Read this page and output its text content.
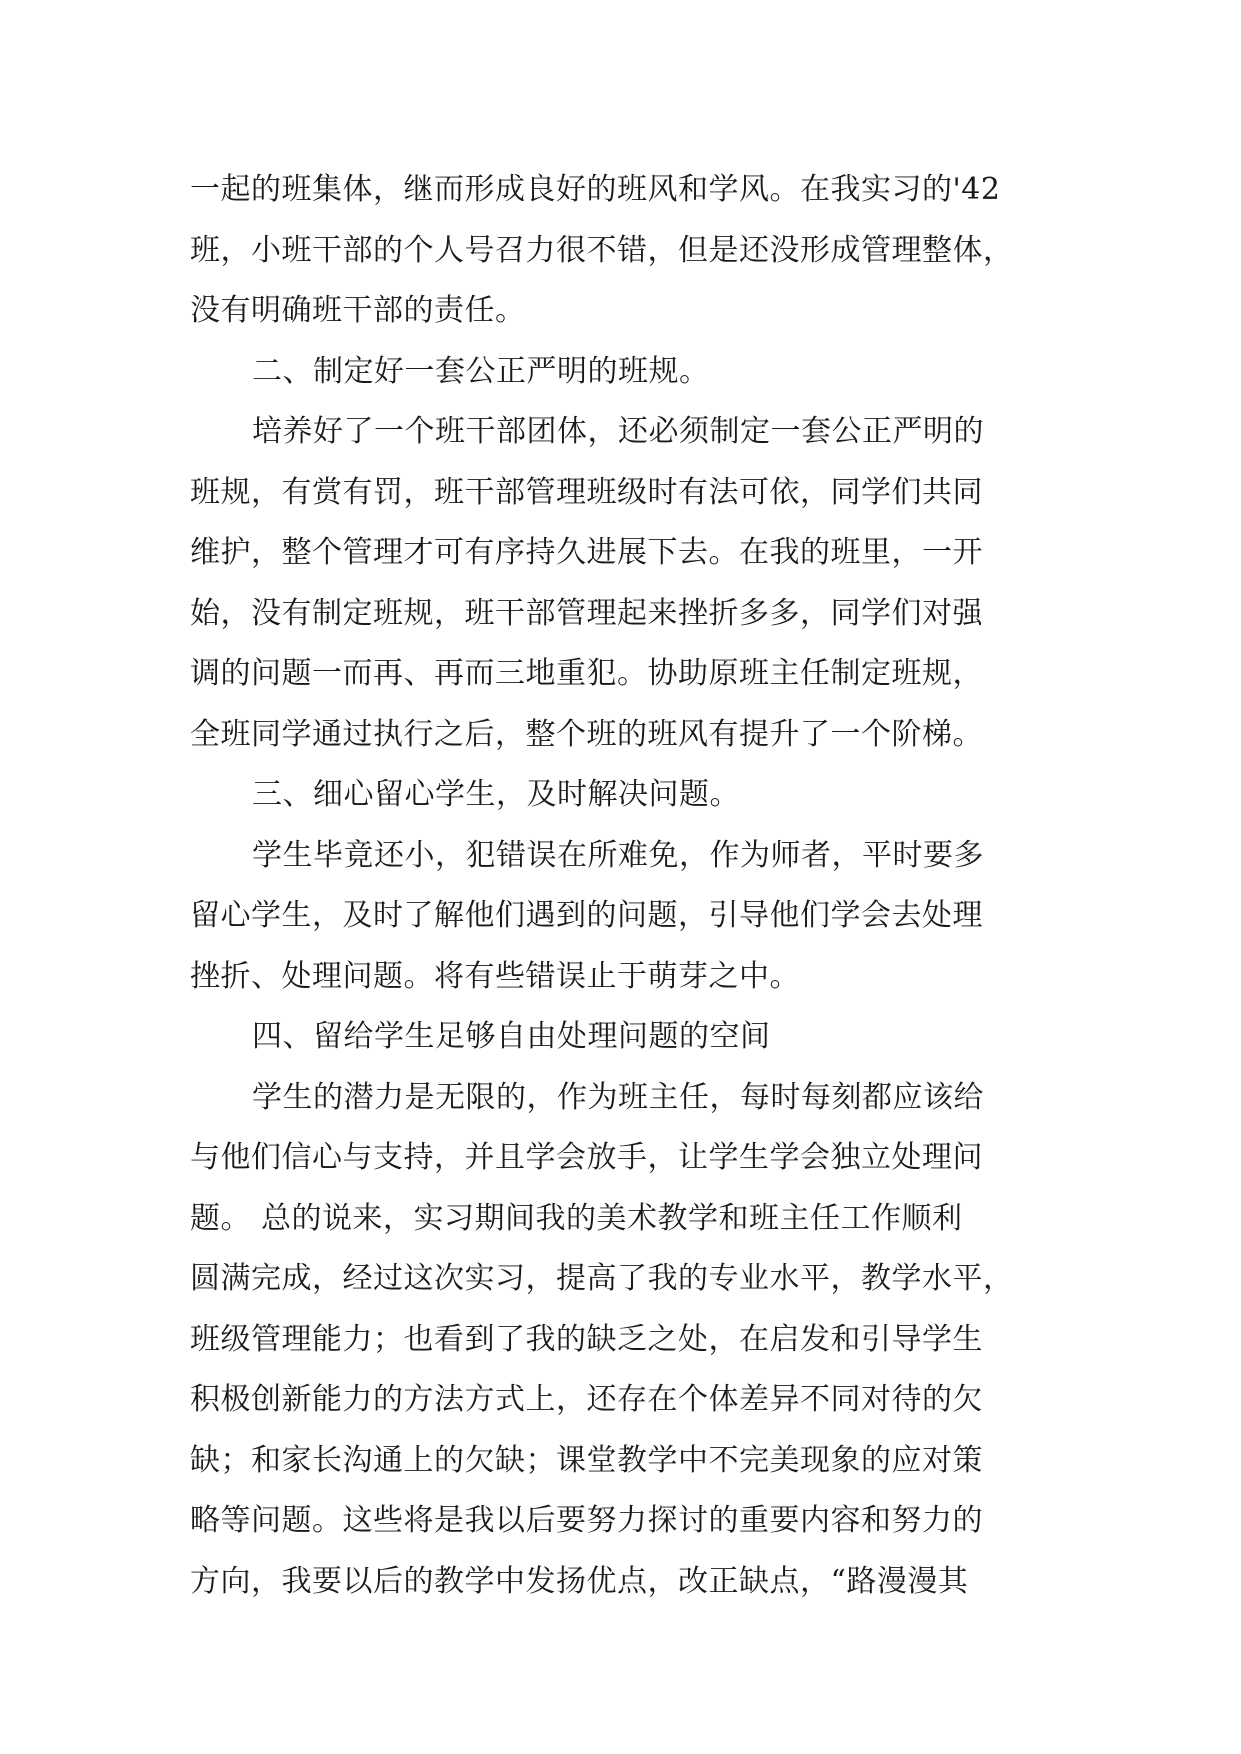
一起的班集体，继而形成良好的班风和学风。在我实习的'42
班，小班干部的个人号召力很不错，但是还没形成管理整体，
没有明确班干部的责任。
二、制定好一套公正严明的班规。
培养好了一个班干部团体，还必须制定一套公正严明的
班规，有赏有罚，班干部管理班级时有法可依，同学们共同
维护，整个管理才可有序持久进展下去。在我的班里，一开
始，没有制定班规，班干部管理起来挫折多多，同学们对强
调的问题一而再、再而三地重犯。协助原班主任制定班规，
全班同学通过执行之后，整个班的班风有提升了一个阶梯。
三、细心留心学生，及时解决问题。
学生毕竟还小，犯错误在所难免，作为师者，平时要多
留心学生，及时了解他们遇到的问题，引导他们学会去处理
挫折、处理问题。将有些错误止于萌芽之中。
四、留给学生足够自由处理问题的空间
学生的潜力是无限的，作为班主任，每时每刻都应该给
与他们信心与支持，并且学会放手，让学生学会独立处理问
题。 总的说来，实习期间我的美术教学和班主任工作顺利
圆满完成，经过这次实习，提高了我的专业水平，教学水平，
班级管理能力；也看到了我的缺乏之处，在启发和引导学生
积极创新能力的方法方式上，还存在个体差异不同对待的欠
缺；和家长沟通上的欠缺；课堂教学中不完美现象的应对策
略等问题。这些将是我以后要努力探讨的重要内容和努力的
方向，我要以后的教学中发扬优点，改正缺点，“路漫漫其
